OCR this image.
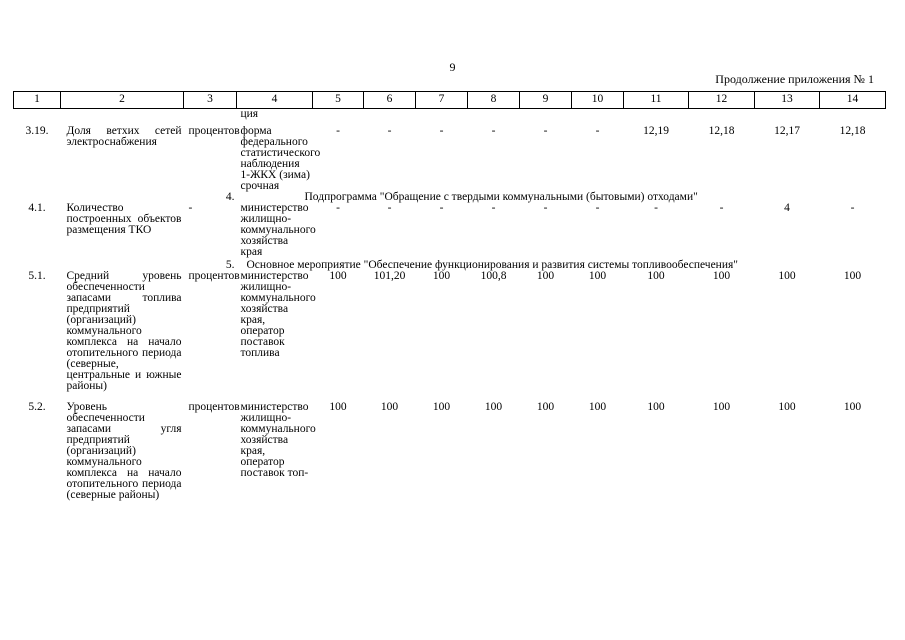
9
Продолжение приложения № 1
1	2	3	4	5	6	7	8	9	10	11	12	13	14
			ция										
3.19.	Доля ветхих сетей электроснабжения	процентов	форма федерального статистического наблюдения 1-ЖКХ (зима) срочная	-	-	-	-	-	-	12,19	12,18	12,17	12,18
		4.	Подпрограмма "Обращение с твердыми коммунальными (бытовыми) отходами"										
4.1.	Количество построенных объектов размещения ТКО	-	министерство жилищно-коммунального хозяйства края	-	-	-	-	-	-	-	-	4	-
5.			Основное мероприятие "Обеспечение функционирования и развития системы топливообеспечения"										
5.1.	Средний уровень обеспеченности запасами топлива предприятий (организаций) коммунального комплекса на начало отопительного периода (северные, центральные и южные районы)	процентов	министерство жилищно-коммунального хозяйства края, оператор поставок топлива	100	101,20	100	100,8	100	100	100	100	100	100
5.2.	Уровень обеспеченности запасами угля предприятий (организаций) коммунального комплекса на начало отопительного периода (северные районы)	процентов	министерство жилищно-коммунального хозяйства края, оператор поставок топ-	100	100	100	100	100	100	100	100	100	100
